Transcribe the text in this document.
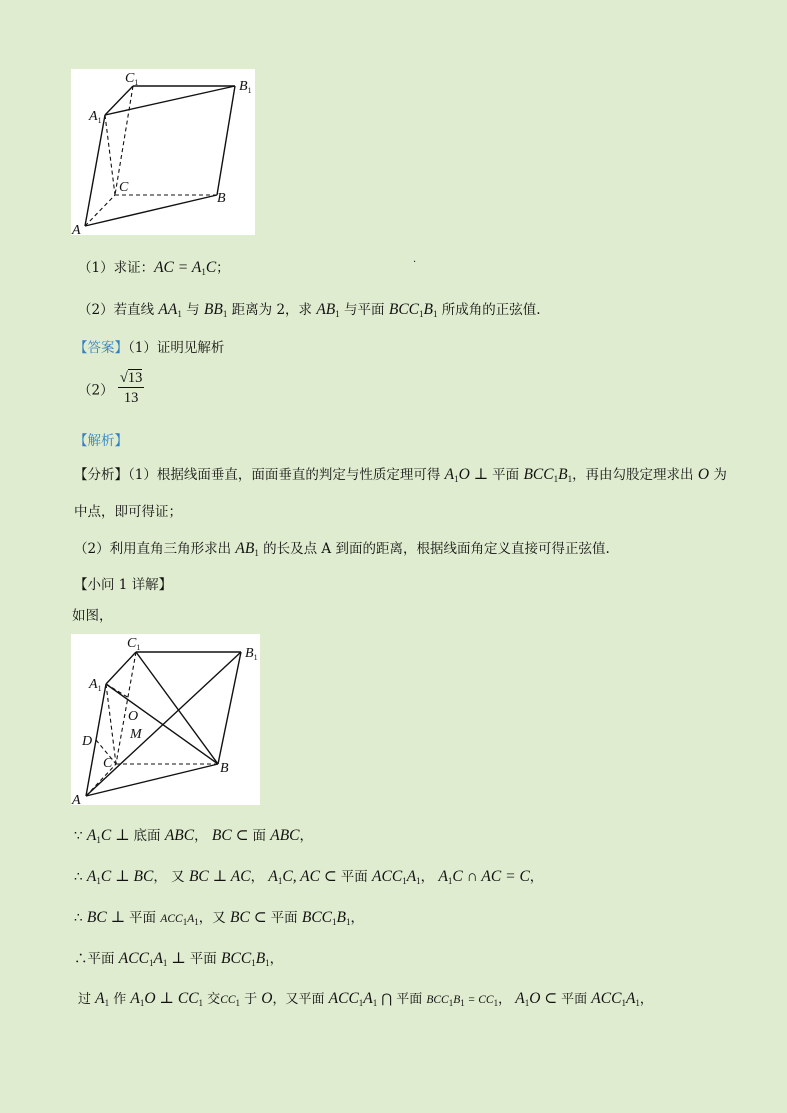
$C_1$	$B_1$
$A_1$
C
B
A
.
（1）求证：AC = $A_1C$；
（2）若直线 $AA_1$ 与 $BB_1$ 距离为 2，求 $AB_1$ 与平面 $BCC_1B_1$ 所成角的正弦值.
【答案】（1）证明见解析
$(2) \frac{√13}{13}$
【解析】
【分析】（1）根据线面垂直，面面垂直的判定与性质定理可得 $A_1O$ ⊥ 平面 $BCC_1B_1$，再由勾股定理求出 O 为
中点，即可得证；
（2）利用直角三角形求出 $AB_1$ 的长及点 A 到面的距离，根据线面角定义直接可得正弦值.
【小问 1 详解】
如图，
$C_1$	$B_1$
$A_1$
O
M
D
C	B
A
∵ $A_1C$ ⊥ 底面 ABC， BC ⊂ 面 ABC，
∴ $A_1C$ ⊥ BC， 又 BC ⊥ AC， $A_1C$, AC ⊂ 平面 $ACC_1A_1$， $A_1C$ ∩ AC = C，
∴ BC ⊥ 平面 $ACC_1A_1$，又 BC ⊂ 平面 $BCC_1B_1$，
∴平面 $ACC_1A_1$ ⊥ 平面 $BCC_1B_1$，
过 $A_1$ 作 $A_1O$ ⊥ $CC_1$ 交$CC_1$ 于 O，又平面 $ACC_1A_1$ ⋂ 平面 $BCC_1B_1 = CC_1$， $A_1O$ ⊂ 平面 $ACC_1A_1$，
